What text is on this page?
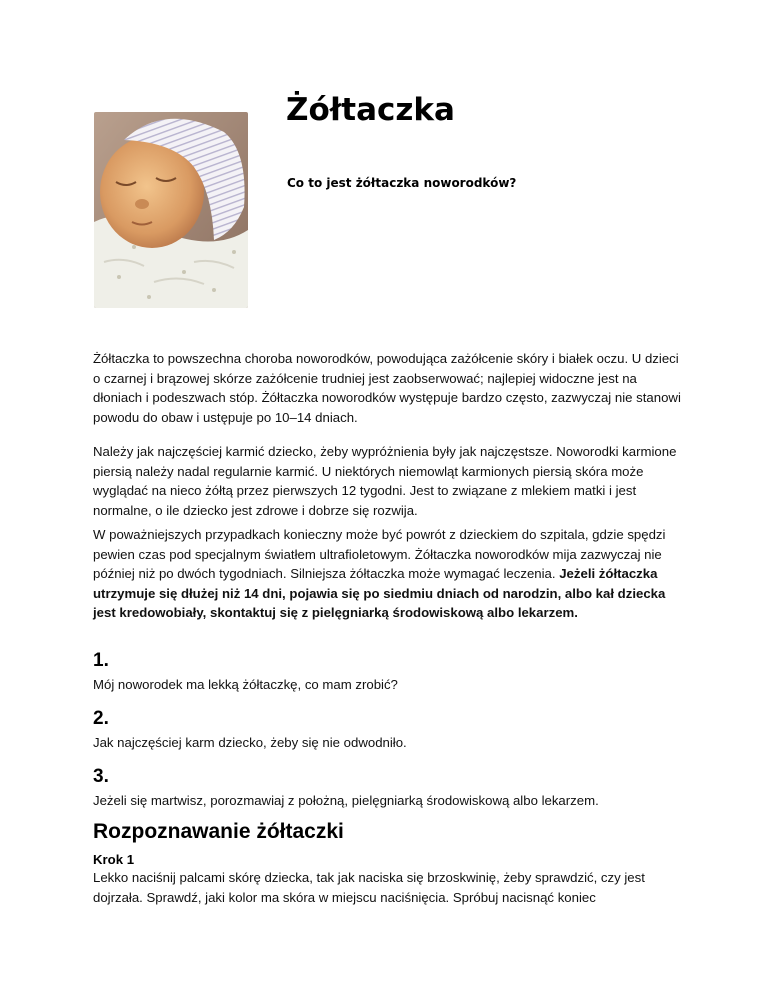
Żółtaczka

Co to jest żółtaczka noworodków?

Żółtaczka to powszechna choroba noworodków, powodująca zażółcenie skóry i białek oczu. U dzieci o czarnej i brązowej skórze zażółcenie trudniej jest zaobserwować; najlepiej widoczne jest na dłoniach i podeszwach stóp. Żółtaczka noworodków występuje bardzo często, zazwyczaj nie stanowi powodu do obaw i ustępuje po 10–14 dniach.

Należy jak najczęściej karmić dziecko, żeby wypróżnienia były jak najczęstsze. Noworodki karmione piersią należy nadal regularnie karmić. U niektórych niemowląt karmionych piersią skóra może wyglądać na nieco żółtą przez pierwszych 12 tygodni. Jest to związane z mlekiem matki i jest normalne, o ile dziecko jest zdrowe i dobrze się rozwija.

W poważniejszych przypadkach konieczny może być powrót z dzieckiem do szpitala, gdzie spędzi pewien czas pod specjalnym światłem ultrafioletowym. Żółtaczka noworodków mija zazwyczaj nie później niż po dwóch tygodniach. Silniejsza żółtaczka może wymagać leczenia. Jeżeli żółtaczka utrzymuje się dłużej niż 14 dni, pojawia się po siedmiu dniach od narodzin, albo kał dziecka jest kredowobiały, skontaktuj się z pielęgniarką środowiskową albo lekarzem.

1.

Mój noworodek ma lekką żółtaczkę, co mam zrobić?

2.

Jak najczęściej karm dziecko, żeby się nie odwodniło.

3.

Jeżeli się martwisz, porozmawiaj z położną, pielęgniarką środowiskową albo lekarzem.

Rozpoznawanie żółtaczki

Krok 1

Lekko naciśnij palcami skórę dziecka, tak jak naciska się brzoskwinię, żeby sprawdzić, czy jest dojrzała. Sprawdź, jaki kolor ma skóra w miejscu naciśnięcia. Spróbuj nacisnąć koniec
